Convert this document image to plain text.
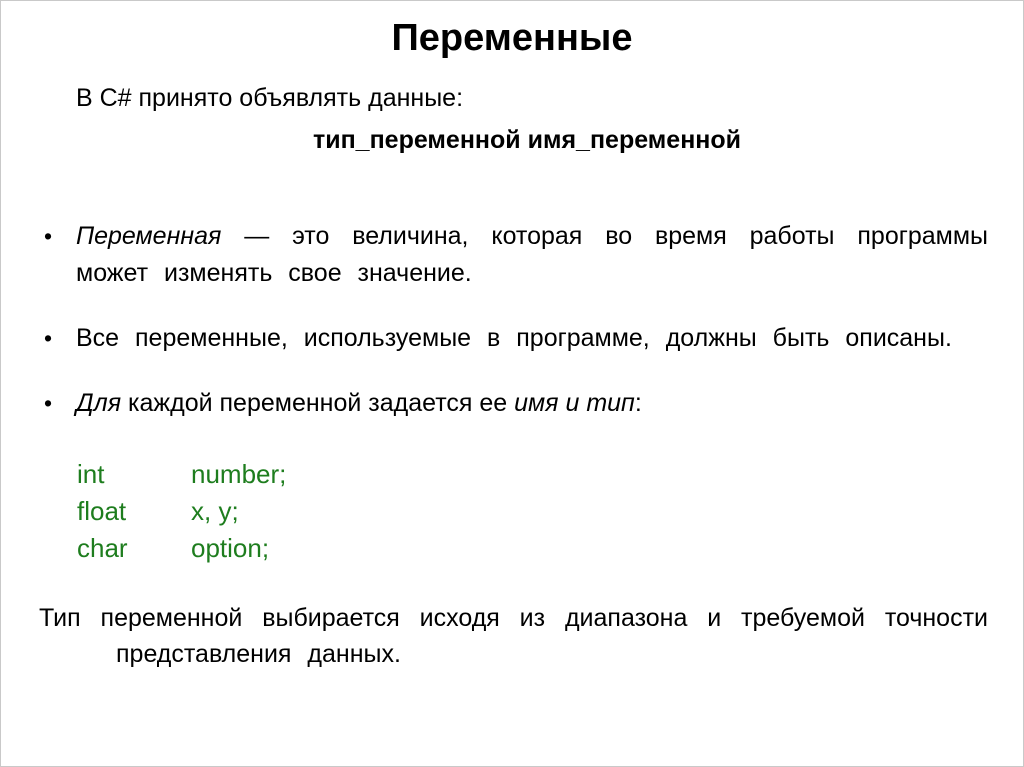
Переменные

В C# принято объявлять данные:

тип_переменной имя_переменной

• Переменная — это величина, которая во время работы программы может изменять свое значение.
• Все переменные, используемые в программе, должны быть описаны.
• Для каждой переменной задается ее имя и тип:
int	number;
float x, y;
char option;

Тип переменной выбирается исходя из диапазона и требуемой точности представления данных.
